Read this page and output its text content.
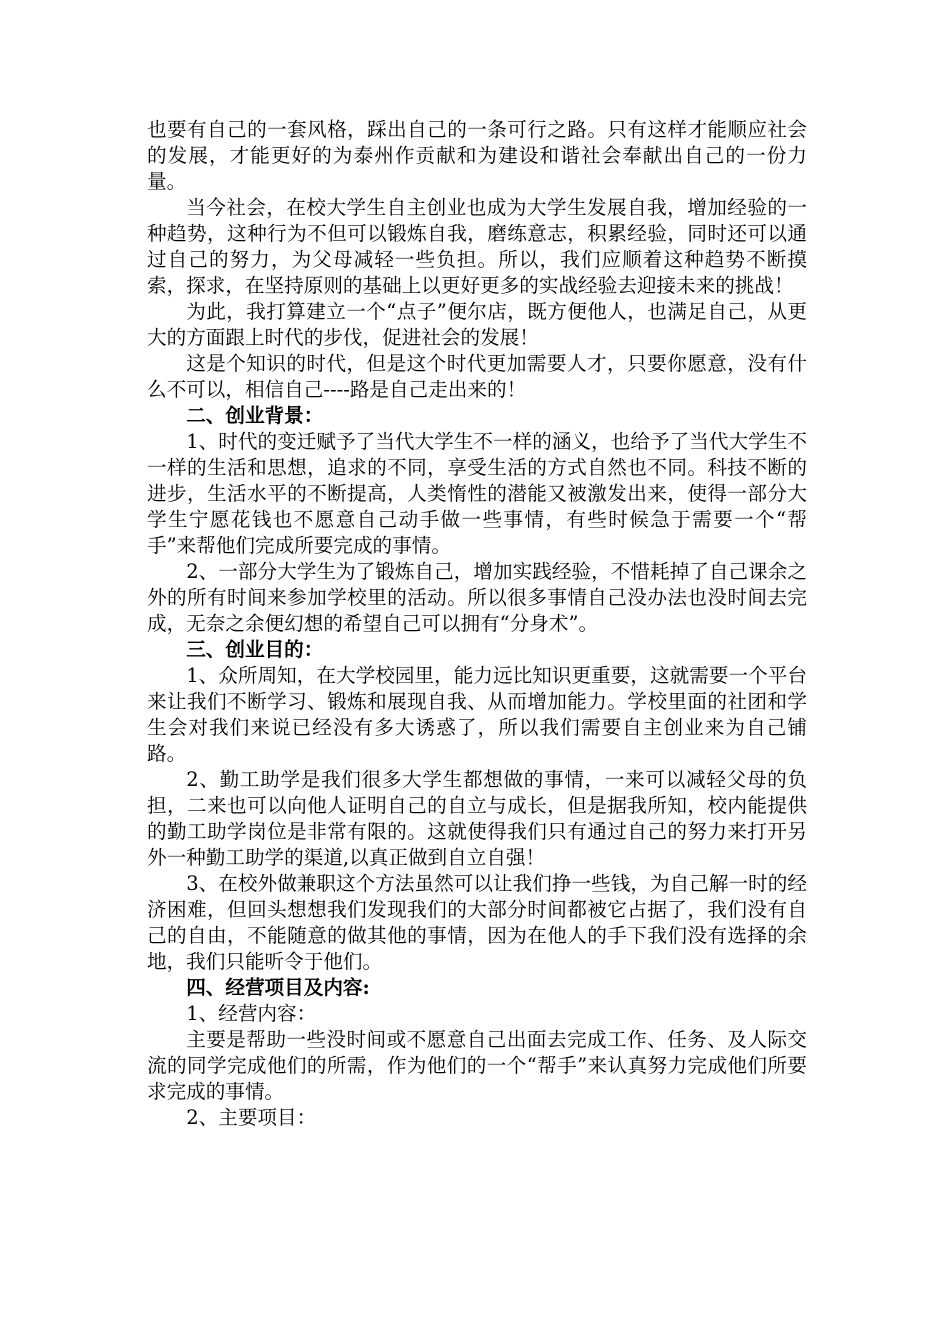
也要有自己的一套风格，踩出自己的一条可行之路。只有这样才能顺应社会的发展，才能更好的为泰州作贡献和为建设和谐社会奉献出自己的一份力量。

当今社会，在校大学生自主创业也成为大学生发展自我，增加经验的一种趋势，这种行为不但可以锻炼自我，磨练意志，积累经验，同时还可以通过自己的努力，为父母减轻一些负担。所以，我们应顺着这种趋势不断摸索，探求，在坚持原则的基础上以更好更多的实战经验去迎接未来的挑战！

为此，我打算建立一个“点子”便尔店，既方便他人，也满足自己，从更大的方面跟上时代的步伐，促进社会的发展！

这是个知识的时代，但是这个时代更加需要人才，只要你愿意，没有什么不可以，相信自己----路是自己走出来的！

二、创业背景：

1、时代的变迁赋予了当代大学生不一样的涵义，也给予了当代大学生不一样的生活和思想，追求的不同，享受生活的方式自然也不同。科技不断的进步，生活水平的不断提高，人类惰性的潜能又被激发出来，使得一部分大学生宁愿花钱也不愿意自己动手做一些事情，有些时候急于需要一个“帮手”来帮他们完成所要完成的事情。

2、一部分大学生为了锻炼自己，增加实践经验，不惜耗掉了自己课余之外的所有时间来参加学校里的活动。所以很多事情自己没办法也没时间去完成，无奈之余便幻想的希望自己可以拥有“分身术”。

三、创业目的：

1、众所周知，在大学校园里，能力远比知识更重要，这就需要一个平台来让我们不断学习、锻炼和展现自我、从而增加能力。学校里面的社团和学生会对我们来说已经没有多大诱惑了，所以我们需要自主创业来为自己铺路。

2、勤工助学是我们很多大学生都想做的事情，一来可以减轻父母的负担，二来也可以向他人证明自己的自立与成长，但是据我所知，校内能提供的勤工助学岗位是非常有限的。这就使得我们只有通过自己的努力来打开另外一种勤工助学的渠道,以真正做到自立自强！

3、在校外做兼职这个方法虽然可以让我们挣一些钱，为自己解一时的经济困难，但回头想想我们发现我们的大部分时间都被它占据了，我们没有自己的自由，不能随意的做其他的事情，因为在他人的手下我们没有选择的余地，我们只能听令于他们。

四、经营项目及内容:

1、经营内容：

主要是帮助一些没时间或不愿意自己出面去完成工作、任务、及人际交流的同学完成他们的所需，作为他们的一个“帮手”来认真努力完成他们所要求完成的事情。

2、主要项目：
